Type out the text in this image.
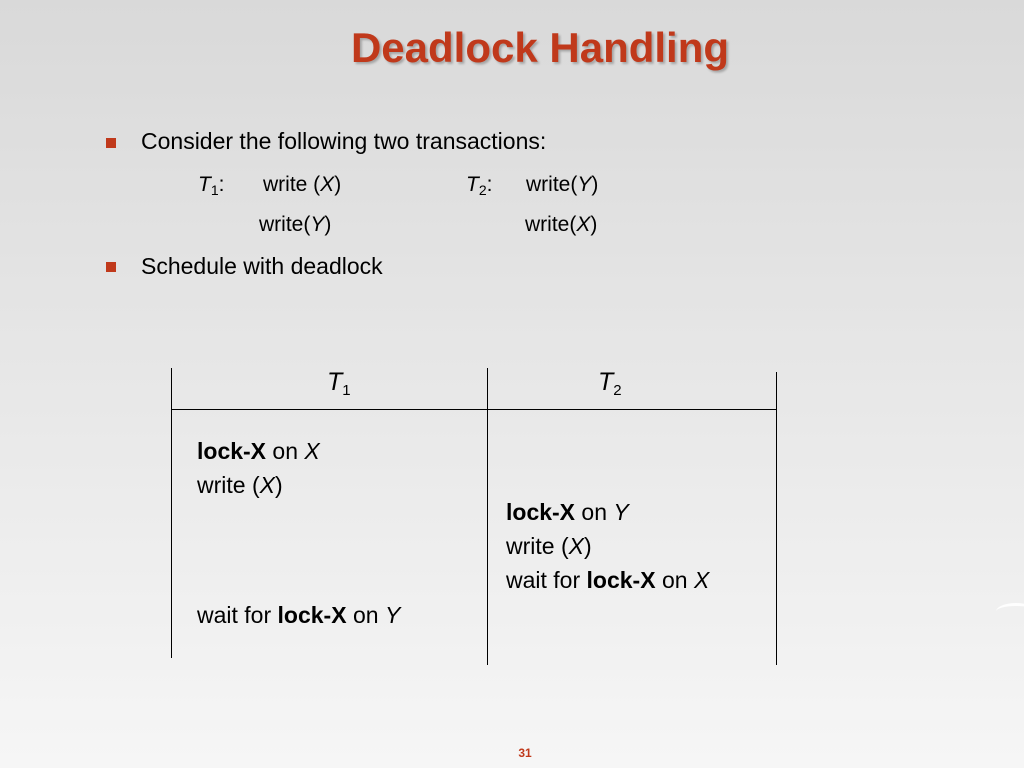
Deadlock Handling
Consider the following two transactions:
$T_1$: write (X)
write(Y)
$T_2$: write(Y)
write(X)
Schedule with deadlock
$T_1$	$T_2$
lock-X on X
write (X)
wait for lock-X on Y
lock-X on Y
write (X)
wait for lock-X on X
31
